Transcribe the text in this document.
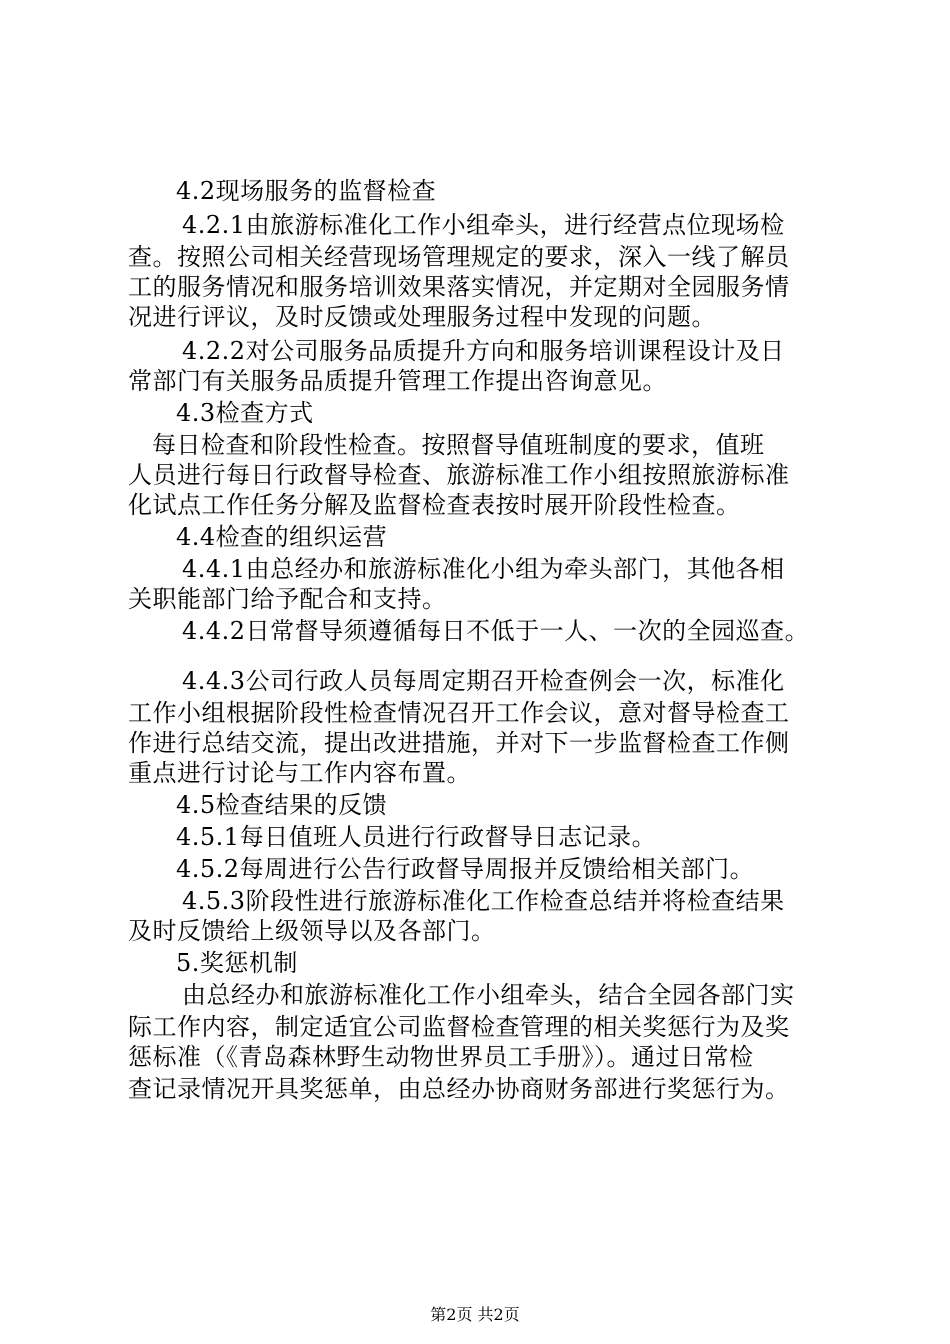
4.2现场服务的监督检查
4.2.1由旅游标准化工作小组牵头，进行经营点位现场检
查。按照公司相关经营现场管理规定的要求，深入一线了解员
工的服务情况和服务培训效果落实情况，并定期对全园服务情
况进行评议，及时反馈或处理服务过程中发现的问题。
4.2.2对公司服务品质提升方向和服务培训课程设计及日
常部门有关服务品质提升管理工作提出咨询意见。
4.3检查方式
每日检查和阶段性检查。按照督导值班制度的要求，值班
人员进行每日行政督导检查、旅游标准工作小组按照旅游标准
化试点工作任务分解及监督检查表按时展开阶段性检查。
4.4检查的组织运营
4.4.1由总经办和旅游标准化小组为牵头部门，其他各相
关职能部门给予配合和支持。
4.4.2日常督导须遵循每日不低于一人、一次的全园巡查。
4.4.3公司行政人员每周定期召开检查例会一次，标准化
工作小组根据阶段性检查情况召开工作会议，意对督导检查工
作进行总结交流，提出改进措施，并对下一步监督检查工作侧
重点进行讨论与工作内容布置。
4.5检查结果的反馈
4.5.1每日值班人员进行行政督导日志记录。
4.5.2每周进行公告行政督导周报并反馈给相关部门。
4.5.3阶段性进行旅游标准化工作检查总结并将检查结果
及时反馈给上级领导以及各部门。
5.奖惩机制
由总经办和旅游标准化工作小组牵头，结合全园各部门实
际工作内容，制定适宜公司监督检查管理的相关奖惩行为及奖
惩标准（《青岛森林野生动物世界员工手册》）。通过日常检
查记录情况开具奖惩单，由总经办协商财务部进行奖惩行为。
第2页 共2页
